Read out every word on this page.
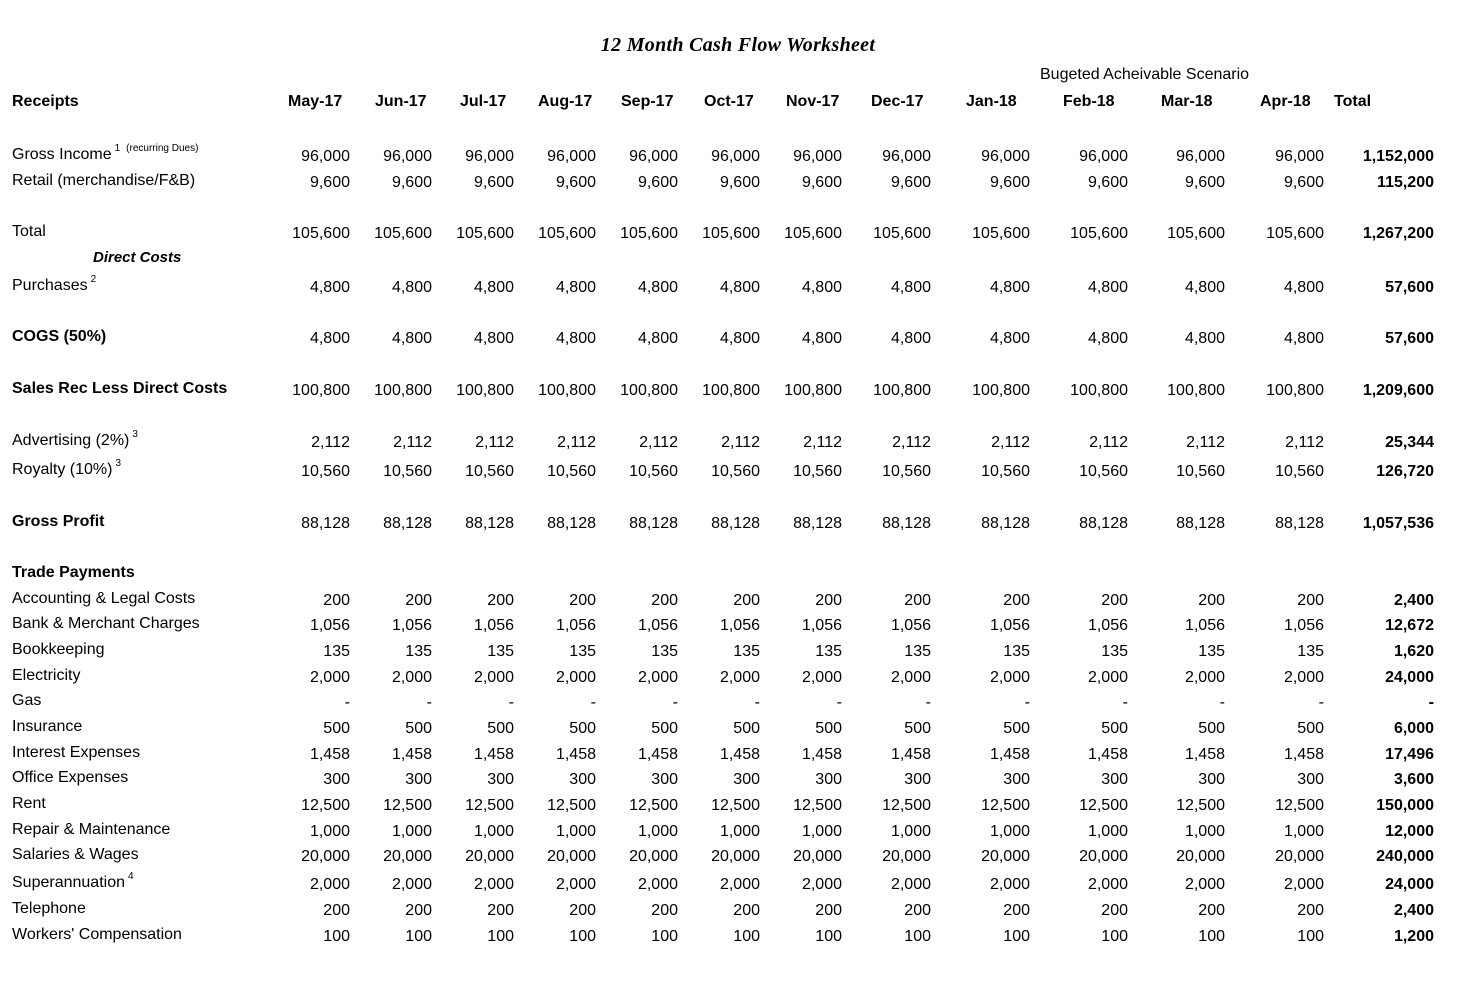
12 Month Cash Flow Worksheet
Bugeted Acheivable Scenario
Receipts	May-17 Jun-17 Jul-17 Aug-17 Sep-17 Oct-17 Nov-17 Dec-17	Jan-18	Feb-18	Mar-18	Apr-18 Total
Gross Income $^1$ $^{(recurring Dues)}$	96,000 96,000 96,000 96,000 96,000 96,000 96,000	96,000	96,000	96,000	96,000	96,000 1,152,000
Retail (merchandise/F&B)	9,600	9,600	9,600	9,600	9,600	9,600	9,600	9,600	9,600	9,600	9,600	9,600	115,200
Total	105,600 105,600 105,600 105,600 105,600 105,600 105,600 105,600	105,600	105,600 105,600	105,600 1,267,200
Direct Costs
Purchases $^2$	4,800	4,800	4,800	4,800	4,800	4,800	4,800	4,800	4,800	4,800	4,800	4,800	57,600
COGS (50%)	4,800	4,800	4,800	4,800	4,800	4,800	4,800	4,800	4,800	4,800	4,800	4,800	57,600
Sales Rec Less Direct Costs	100,800 100,800 100,800 100,800 100,800 100,800 100,800 100,800	100,800	100,800 100,800	100,800 1,209,600
Advertising (2%) $^3$	2,112	2,112	2,112	2,112	2,112	2,112	2,112	2,112	2,112	2,112	2,112	2,112	25,344
Royalty (10%) $^3$	10,560 10,560 10,560 10,560 10,560 10,560 10,560	10,560	10,560	10,560	10,560	10,560	126,720
Gross Profit	88,128 88,128 88,128 88,128 88,128 88,128 88,128	88,128	88,128	88,128	88,128	88,128 1,057,536
Trade Payments
Accounting & Legal Costs	200	200	200	200	200	200	200	200	200	200	200	200	2,400
Bank & Merchant Charges	1,056	1,056	1,056	1,056	1,056	1,056	1,056	1,056	1,056	1,056	1,056	1,056	12,672
Bookkeeping	135	135	135	135	135	135	135	135	135	135	135	135	1,620
Electricity	2,000	2,000	2,000	2,000	2,000	2,000	2,000	2,000	2,000	2,000	2,000	2,000	24,000
Gas	-	-	-	-	-	-	-	-	-	-	-	-	-
Insurance	500	500	500	500	500	500	500	500	500	500	500	500	6,000
Interest Expenses	1,458	1,458	1,458	1,458	1,458	1,458	1,458	1,458	1,458	1,458	1,458	1,458	17,496
Office Expenses	300	300	300	300	300	300	300	300	300	300	300	300	3,600
Rent	12,500 12,500 12,500 12,500 12,500 12,500 12,500	12,500	12,500	12,500	12,500	12,500	150,000
Repair & Maintenance	1,000	1,000	1,000	1,000	1,000	1,000	1,000	1,000	1,000	1,000	1,000	1,000	12,000
Salaries & Wages	20,000 20,000 20,000 20,000 20,000 20,000 20,000	20,000	20,000	20,000	20,000	20,000	240,000
Superannuation $^4$	2,000	2,000	2,000	2,000	2,000	2,000	2,000	2,000	2,000	2,000	2,000	2,000	24,000
Telephone	200	200	200	200	200	200	200	200	200	200	200	200	2,400
Workers' Compensation	100	100	100	100	100	100	100	100	100	100	100	100	1,200
